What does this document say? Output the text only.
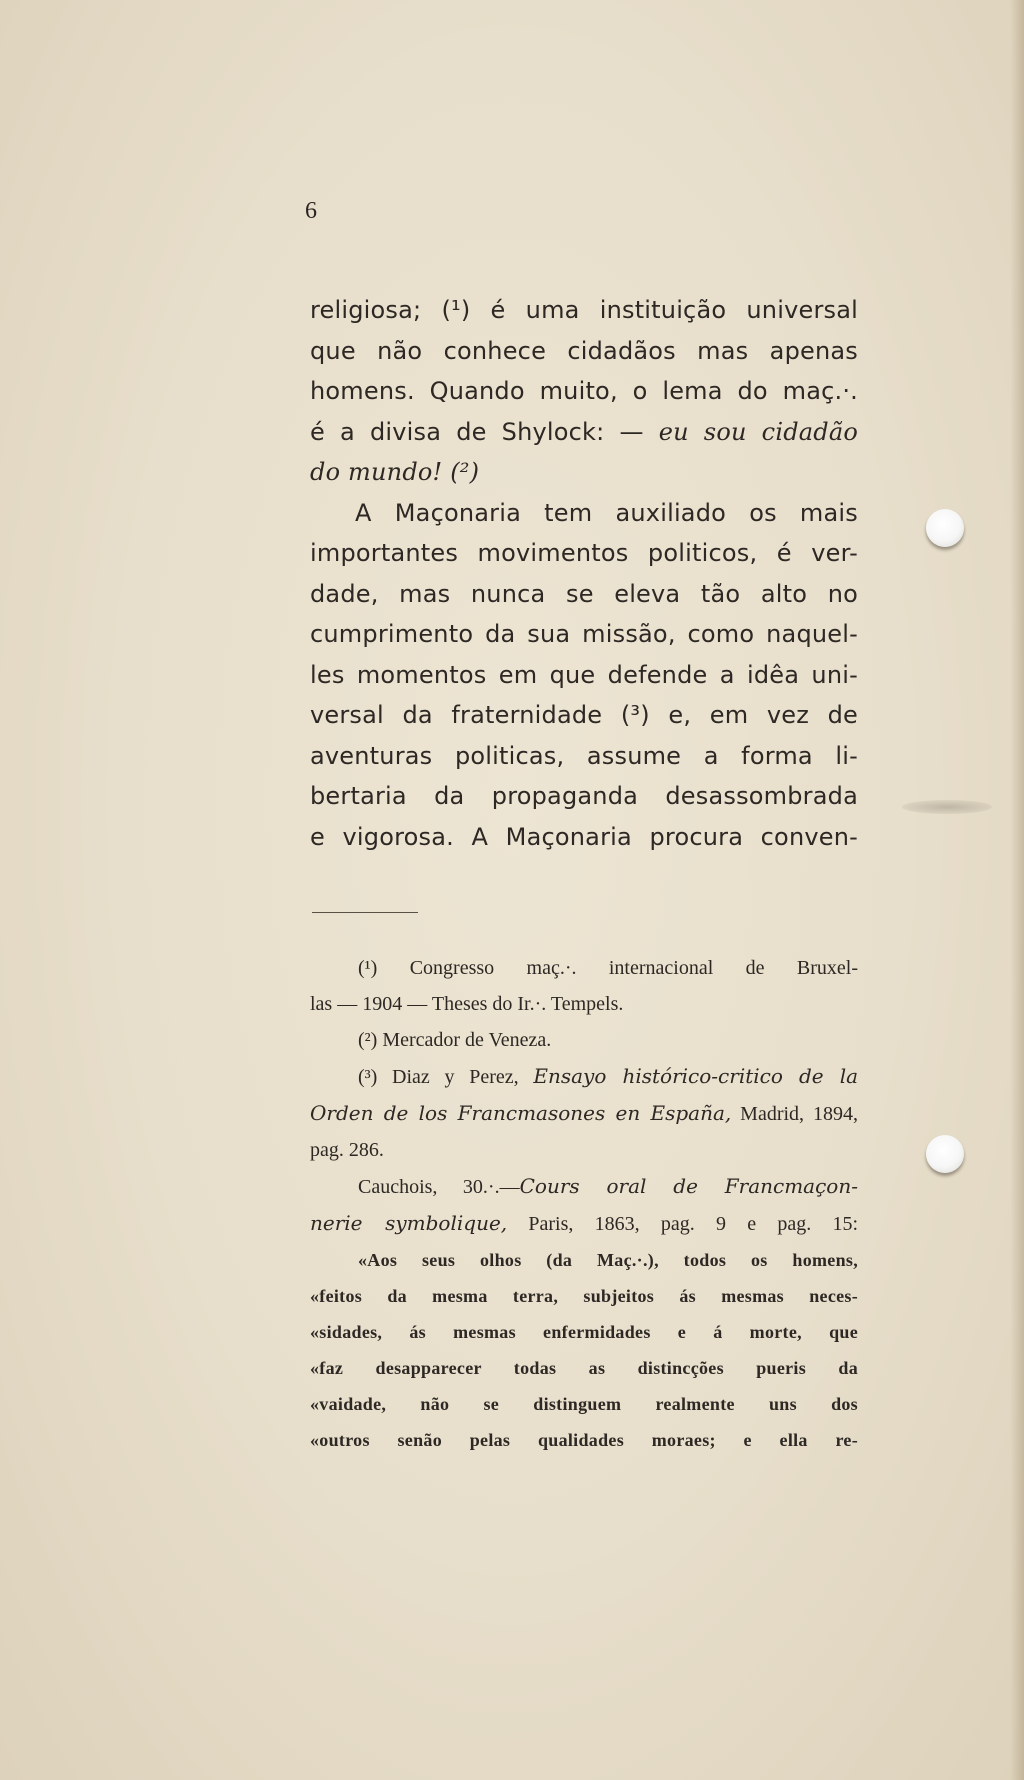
6
religiosa; (¹) é uma instituição universal
que não conhece cidadãos mas apenas
homens. Quando muito, o lema do maç.·.
é a divisa de Shylock: — eu sou cidadão
do mundo! (²)
A Maçonaria tem auxiliado os mais
importantes movimentos politicos, é ver-
dade, mas nunca se eleva tão alto no
cumprimento da sua missão, como naquel-
les momentos em que defende a idêa uni-
versal da fraternidade (³) e, em vez de
aventuras politicas, assume a forma li-
bertaria da propaganda desassombrada
e vigorosa. A Maçonaria procura conven-
(¹) Congresso maç.·. internacional de Bruxel-
las — 1904 — Theses do Ir.·. Tempels.
(²) Mercador de Veneza.
(³) Diaz y Perez, Ensayo histórico-critico de la
Orden de los Francmasones en España, Madrid, 1894,
pag. 286.
Cauchois, 30.·.—Cours oral de Francmaçon-
nerie symbolique, Paris, 1863, pag. 9 e pag. 15:
«Aos seus olhos (da Maç.·.), todos os homens,
«feitos da mesma terra, subjeitos ás mesmas neces-
«sidades, ás mesmas enfermidades e á morte, que
«faz desapparecer todas as distincções pueris da
«vaidade, não se distinguem realmente uns dos
«outros senão pelas qualidades moraes; e ella re-
